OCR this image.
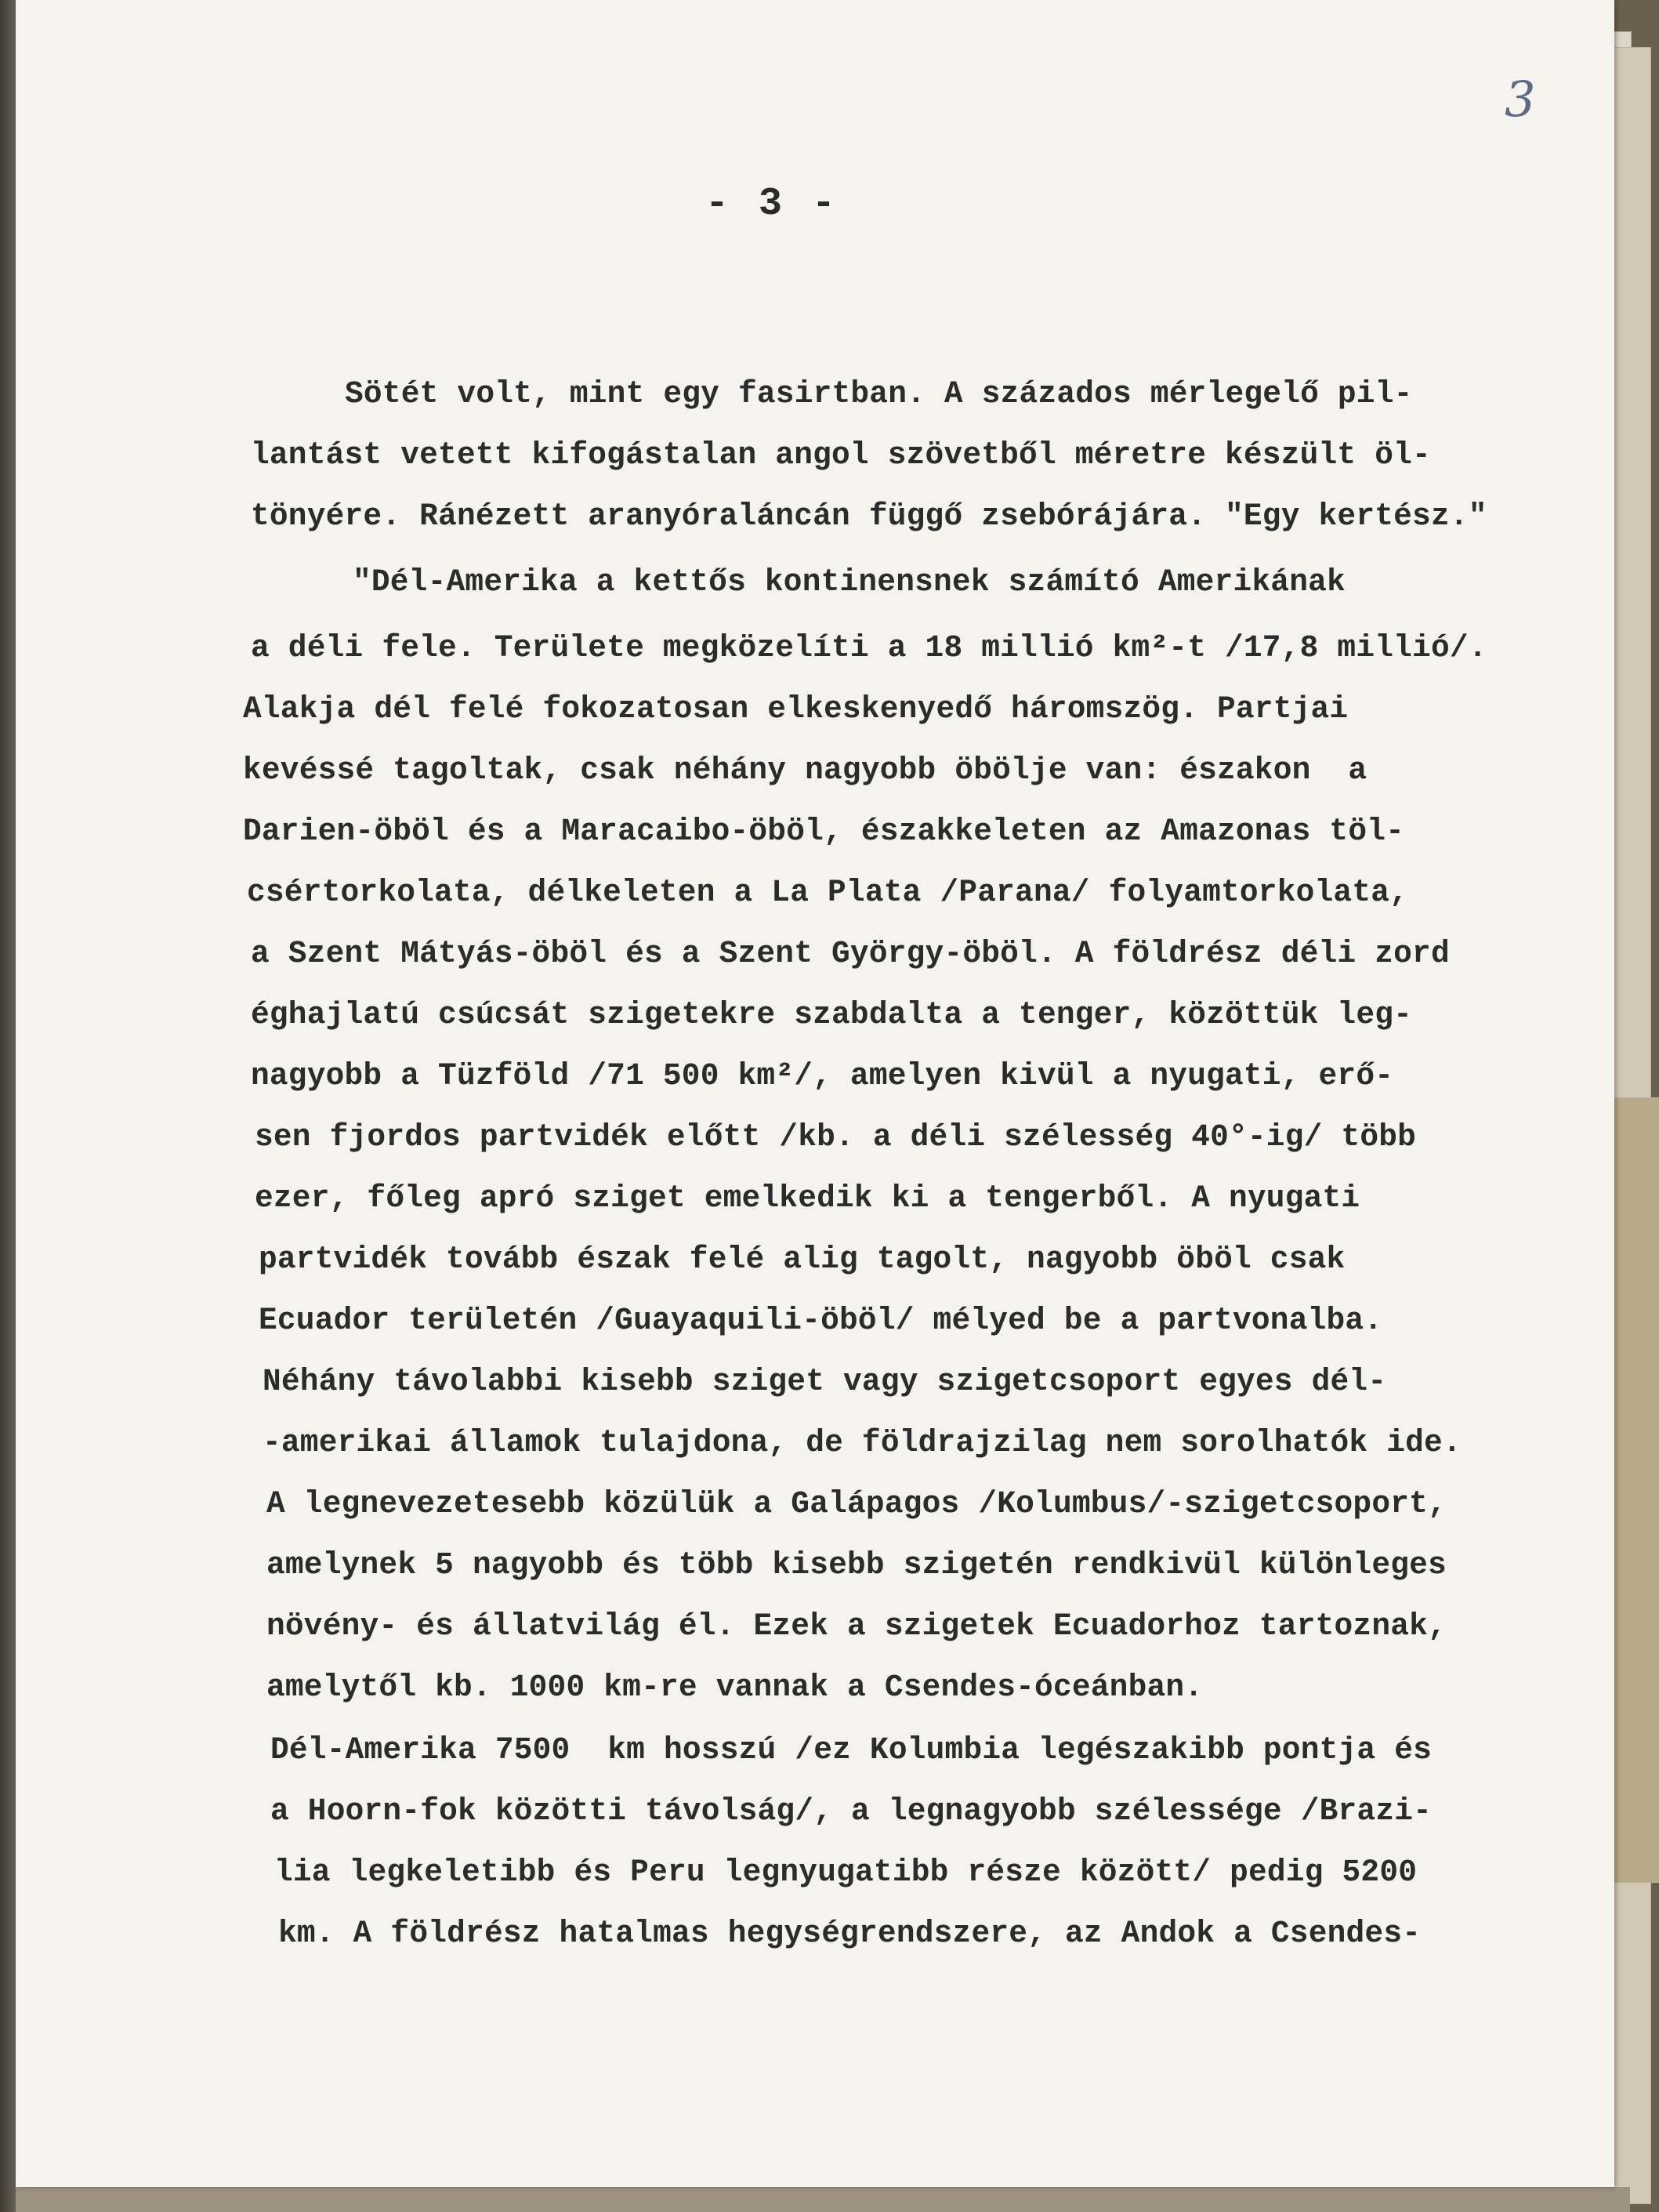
3
- 3 -
Sötét volt, mint egy fasirtban. A százados mérlegelő pil-
lantást vetett kifogástalan angol szövetből méretre készült öl-
tönyére. Ránézett aranyóraláncán függő zsebórájára. "Egy kertész."
"Dél-Amerika a kettős kontinensnek számító Amerikának
a déli fele. Területe megközelíti a 18 millió km²-t /17,8 millió/.
Alakja dél felé fokozatosan elkeskenyedő háromszög. Partjai
kevéssé tagoltak, csak néhány nagyobb öbölje van: északon  a
Darien-öböl és a Maracaibo-öböl, északkeleten az Amazonas töl-
csértorkolata, délkeleten a La Plata /Parana/ folyamtorkolata,
a Szent Mátyás-öböl és a Szent György-öböl. A földrész déli zord
éghajlatú csúcsát szigetekre szabdalta a tenger, közöttük leg-
nagyobb a Tüzföld /71 500 km²/, amelyen kivül a nyugati, erő-
sen fjordos partvidék előtt /kb. a déli szélesség 40°-ig/ több
ezer, főleg apró sziget emelkedik ki a tengerből. A nyugati
partvidék tovább észak felé alig tagolt, nagyobb öböl csak
Ecuador területén /Guayaquili-öböl/ mélyed be a partvonalba.
Néhány távolabbi kisebb sziget vagy szigetcsoport egyes dél-
-amerikai államok tulajdona, de földrajzilag nem sorolhatók ide.
A legnevezetesebb közülük a Galápagos /Kolumbus/-szigetcsoport,
amelynek 5 nagyobb és több kisebb szigetén rendkivül különleges
növény- és állatvilág él. Ezek a szigetek Ecuadorhoz tartoznak,
amelytől kb. 1000 km-re vannak a Csendes-óceánban.
Dél-Amerika 7500  km hosszú /ez Kolumbia legészakibb pontja és
a Hoorn-fok közötti távolság/, a legnagyobb szélessége /Brazi-
lia legkeletibb és Peru legnyugatibb része között/ pedig 5200
km. A földrész hatalmas hegységrendszere, az Andok a Csendes-
